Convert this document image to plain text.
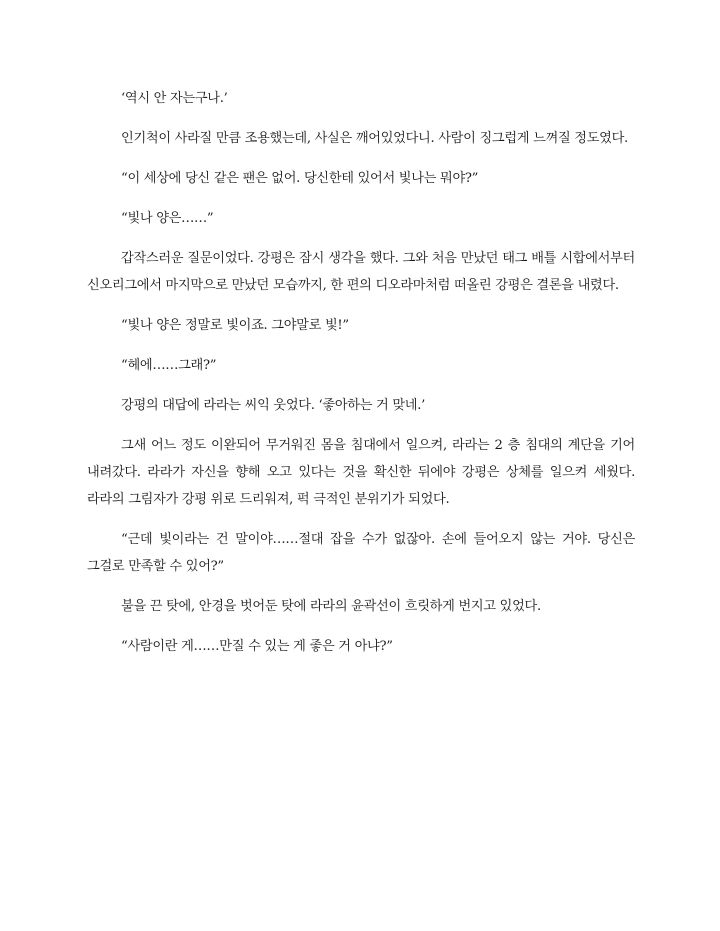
‘역시 안 자는구나.’

인기척이 사라질 만큼 조용했는데, 사실은 깨어있었다니. 사람이 징그럽게 느껴질 정도였다.

“이 세상에 당신 같은 팬은 없어. 당신한테 있어서 빛나는 뭐야?”

“빛나 양은……”

갑작스러운 질문이었다. 강평은 잠시 생각을 했다. 그와 처음 만났던 태그 배틀 시합에서부터 신오리그에서 마지막으로 만났던 모습까지, 한 편의 디오라마처럼 떠올린 강평은 결론을 내렸다.

“빛나 양은 정말로 빛이죠. 그야말로 빛!”

“헤에……그래?”

강평의 대답에 라라는 씨익 웃었다. ‘좋아하는 거 맞네.’

그새 어느 정도 이완되어 무거워진 몸을 침대에서 일으켜, 라라는 2 층 침대의 계단을 기어 내려갔다. 라라가 자신을 향해 오고 있다는 것을 확신한 뒤에야 강평은 상체를 일으켜 세웠다. 라라의 그림자가 강평 위로 드리워져, 퍽 극적인 분위기가 되었다.

“근데 빛이라는 건 말이야……절대 잡을 수가 없잖아. 손에 들어오지 않는 거야. 당신은 그걸로 만족할 수 있어?”

불을 끈 탓에, 안경을 벗어둔 탓에 라라의 윤곽선이 흐릿하게 번지고 있었다.

“사람이란 게……만질 수 있는 게 좋은 거 아냐?”
